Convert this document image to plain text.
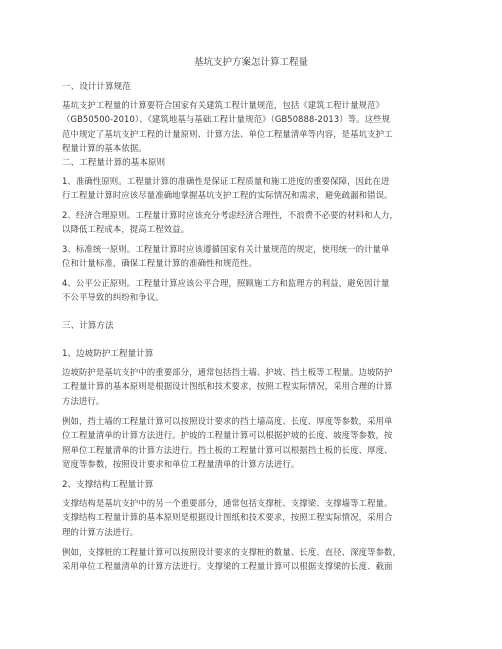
基坑支护方案怎计算工程量
一、设计计算规范
基坑支护工程量的计算要符合国家有关建筑工程计量规范，包括《建筑工程计量规范》
（GB50500-2010）、《建筑地基与基础工程计量规范》（GB50888-2013）等。这些规
范中规定了基坑支护工程的计量原则、计算方法、单位工程量清单等内容，是基坑支护工
程量计算的基本依据。
二、工程量计算的基本原则
1、准确性原则。工程量计算的准确性是保证工程质量和施工进度的重要保障，因此在进
行工程量计算时应该尽量准确地掌握基坑支护工程的实际情况和需求，避免疏漏和错误。
2、经济合理原则。工程量计算时应该充分考虑经济合理性，不浪费不必要的材料和人力，
以降低工程成本，提高工程效益。
3、标准统一原则。工程量计算时应该遵循国家有关计量规范的规定，使用统一的计量单
位和计量标准，确保工程量计算的准确性和规范性。
4、公平公正原则。工程量计算应该公平合理，照顾施工方和监理方的利益，避免因计量
不公平导致的纠纷和争议。
三、计算方法
1、边坡防护工程量计算
边坡防护是基坑支护中的重要部分，通常包括挡土墙、护坡、挡土板等工程量。边坡防护
工程量计算的基本原则是根据设计图纸和技术要求，按照工程实际情况，采用合理的计算
方法进行。
例如，挡土墙的工程量计算可以按照设计要求的挡土墙高度、长度、厚度等参数，采用单
位工程量清单的计算方法进行。护坡的工程量计算可以根据护坡的长度、坡度等参数，按
照单位工程量清单的计算方法进行。挡土板的工程量计算可以根据挡土板的长度、厚度、
宽度等参数，按照设计要求和单位工程量清单的计算方法进行。
2、支撑结构工程量计算
支撑结构是基坑支护中的另一个重要部分，通常包括支撑桩、支撑梁、支撑墙等工程量。
支撑结构工程量计算的基本原则是根据设计图纸和技术要求，按照工程实际情况，采用合
理的计算方法进行。
例如，支撑桩的工程量计算可以按照设计要求的支撑桩的数量、长度、直径、深度等参数，
采用单位工程量清单的计算方法进行。支撑梁的工程量计算可以根据支撑梁的长度、截面
